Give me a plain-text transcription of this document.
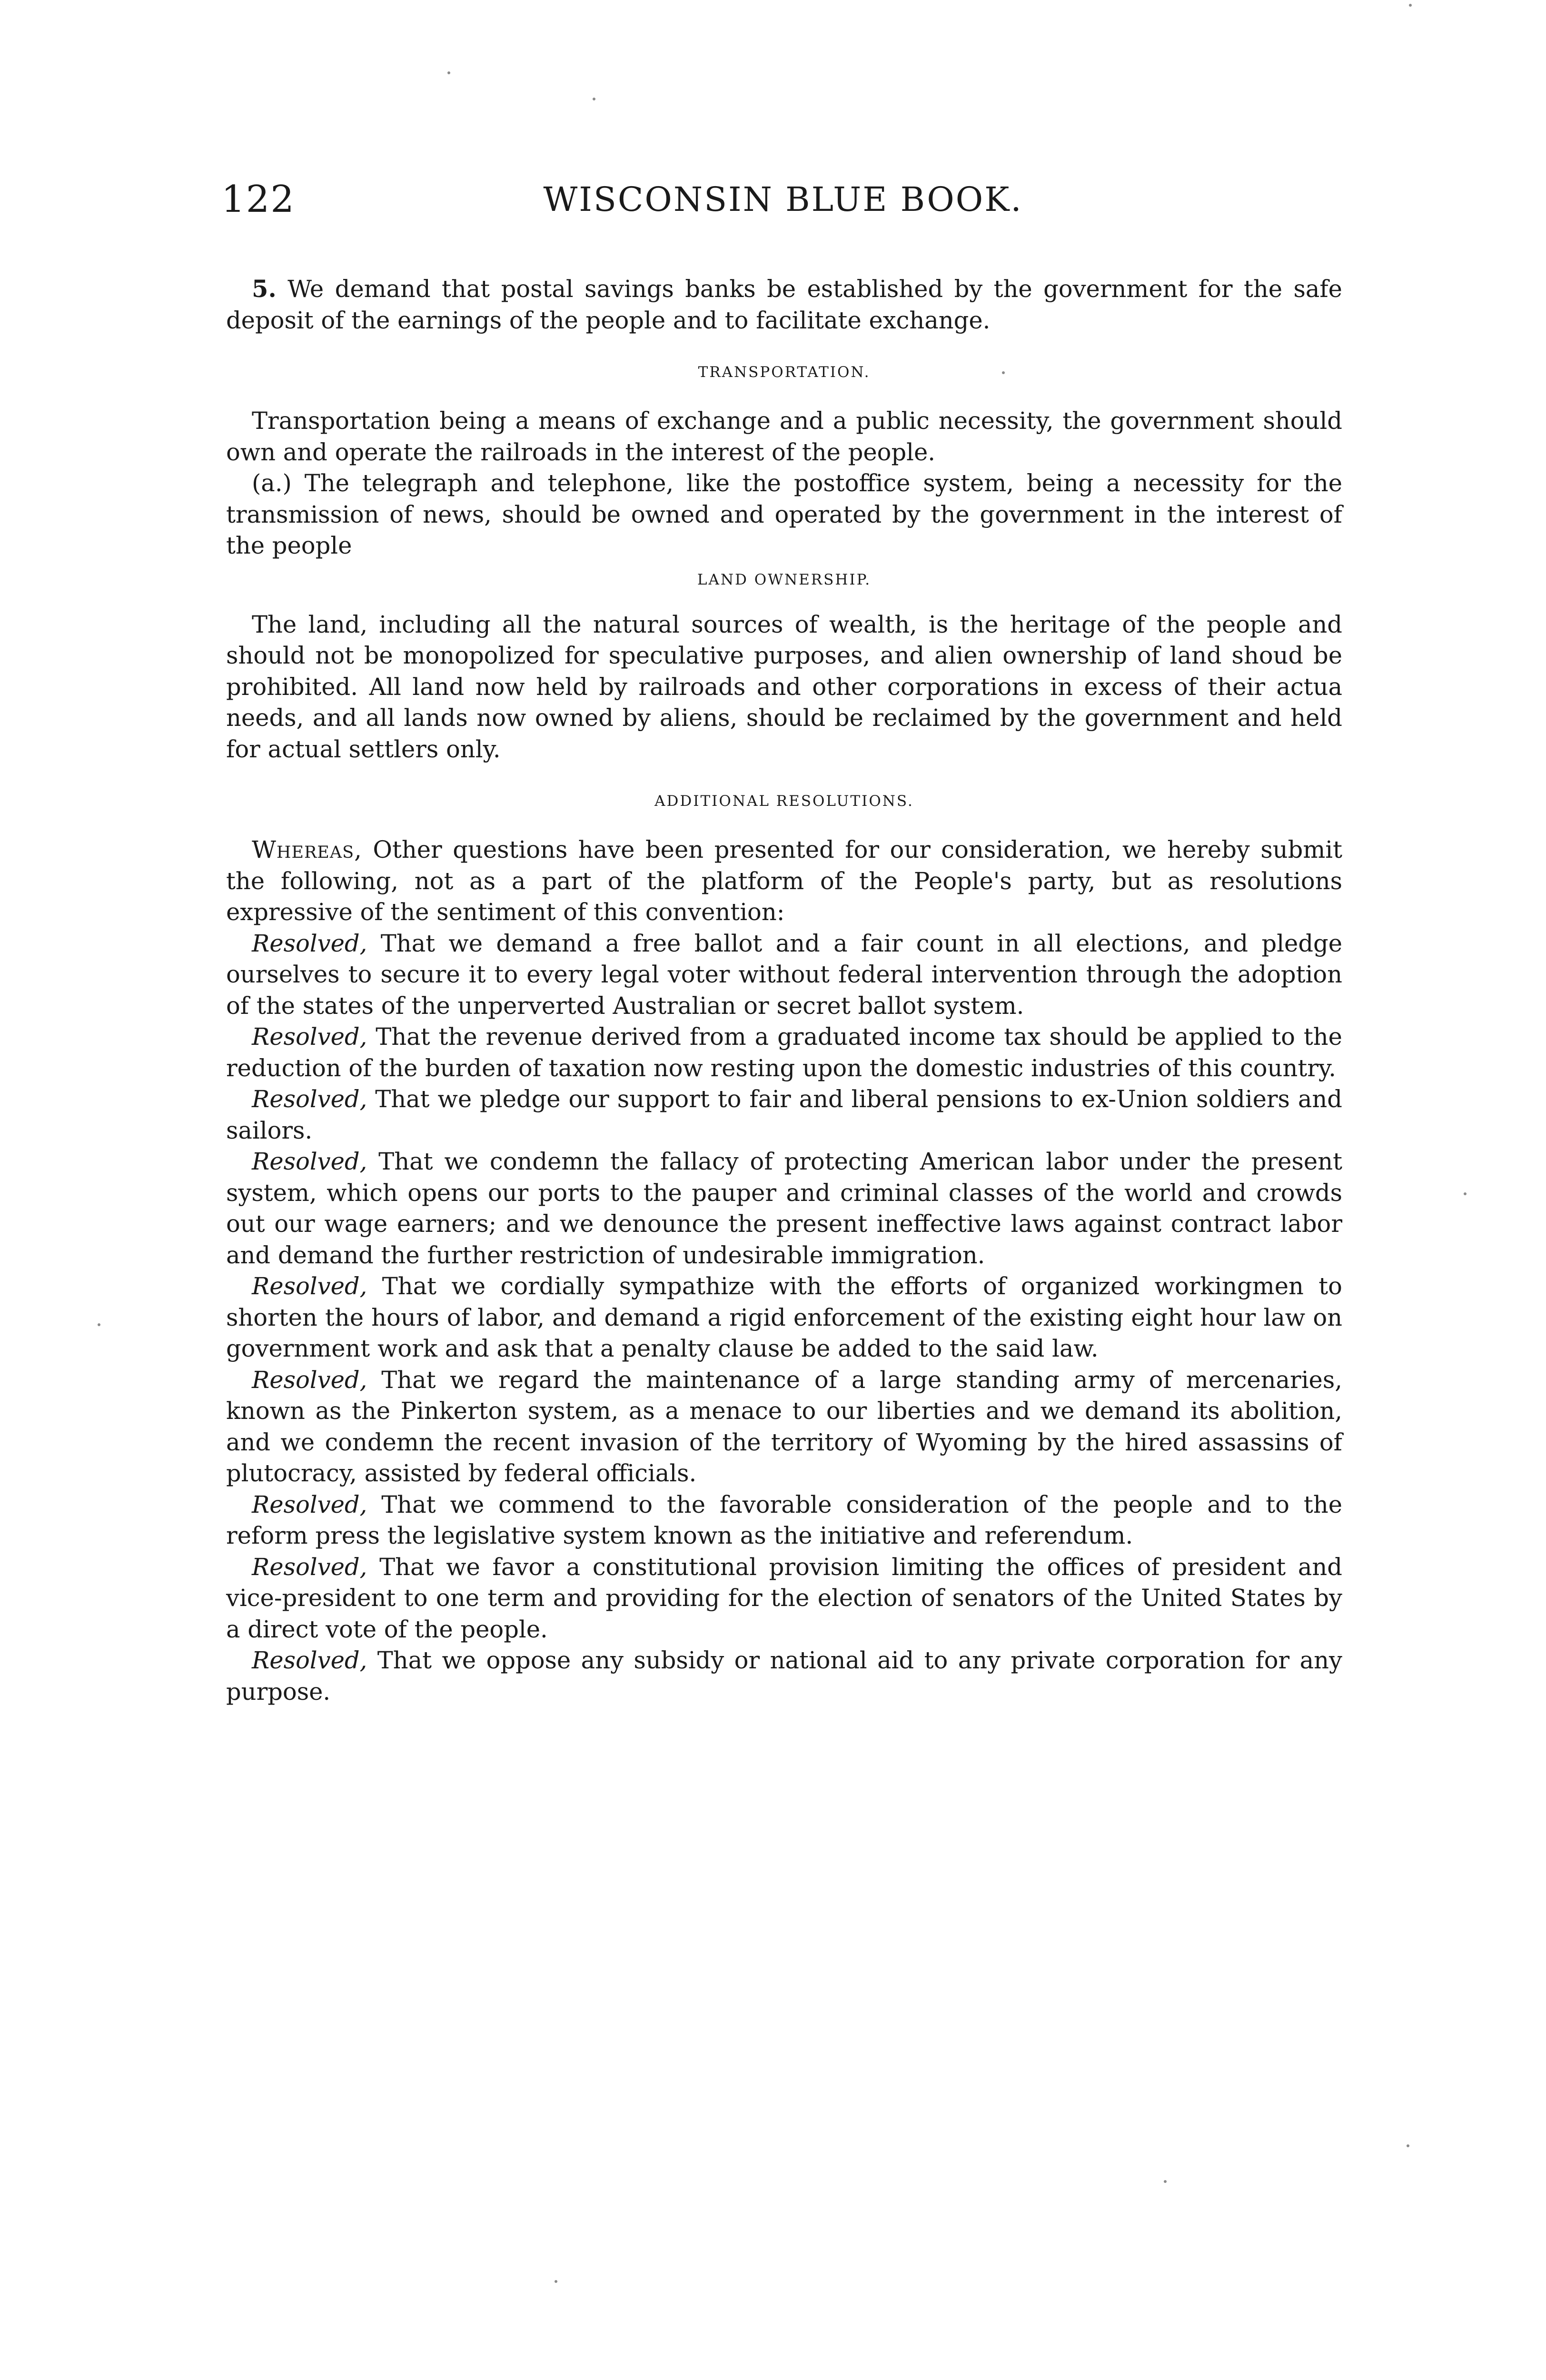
122	WISCONSIN BLUE BOOK.

5. We demand that postal savings banks be established by the government for the safe deposit of the earnings of the people and to facilitate exchange.

TRANSPORTATION.

Transportation being a means of exchange and a public necessity, the government should own and operate the railroads in the interest of the people.

(a.) The telegraph and telephone, like the postoffice system, being a necessity for the transmission of news, should be owned and operated by the government in the interest of the people

LAND OWNERSHIP.

The land, including all the natural sources of wealth, is the heritage of the people and should not be monopolized for speculative purposes, and alien ownership of land shoud be prohibited. All land now held by railroads and other corporations in excess of their actua needs, and all lands now owned by aliens, should be reclaimed by the government and held for actual settlers only.

ADDITIONAL RESOLUTIONS.

Whereas, Other questions have been presented for our consideration, we hereby submit the following, not as a part of the platform of the People's party, but as resolutions expressive of the sentiment of this convention:

Resolved, That we demand a free ballot and a fair count in all elections, and pledge ourselves to secure it to every legal voter without federal intervention through the adoption of the states of the unperverted Australian or secret ballot system.

Resolved, That the revenue derived from a graduated income tax should be applied to the reduction of the burden of taxation now resting upon the domestic industries of this country.

Resolved, That we pledge our support to fair and liberal pensions to ex-Union soldiers and sailors.

Resolved, That we condemn the fallacy of protecting American labor under the present system, which opens our ports to the pauper and criminal classes of the world and crowds out our wage earners; and we denounce the present ineffective laws against contract labor and demand the further restriction of undesirable immigration.

Resolved, That we cordially sympathize with the efforts of organized workingmen to shorten the hours of labor, and demand a rigid enforcement of the existing eight hour law on government work and ask that a penalty clause be added to the said law.

Resolved, That we regard the maintenance of a large standing army of mercenaries, known as the Pinkerton system, as a menace to our liberties and we demand its abolition, and we condemn the recent invasion of the territory of Wyoming by the hired assassins of plutocracy, assisted by federal officials.

Resolved, That we commend to the favorable consideration of the people and to the reform press the legislative system known as the initiative and referendum.

Resolved, That we favor a constitutional provision limiting the offices of president and vice-president to one term and providing for the election of senators of the United States by a direct vote of the people.

Resolved, That we oppose any subsidy or national aid to any private corporation for any purpose.
